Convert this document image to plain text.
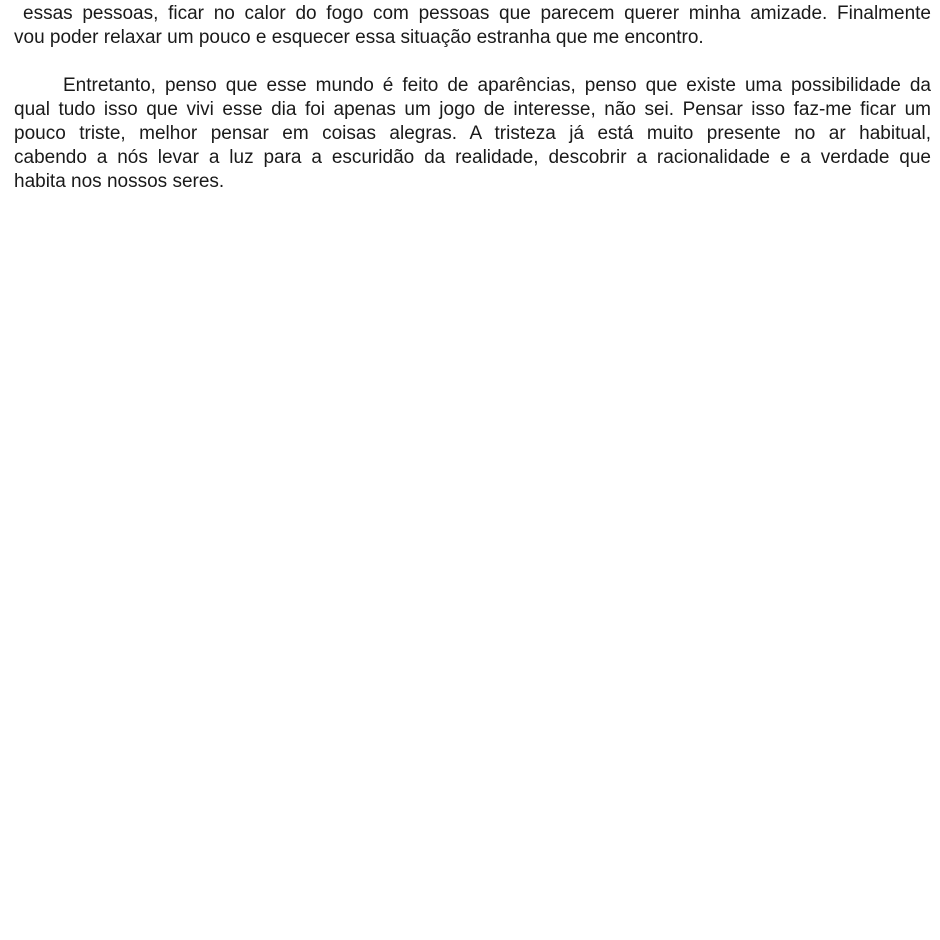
essas pessoas, ficar no calor do fogo com pessoas que parecem querer minha amizade. Finalmente
vou poder relaxar um pouco e esquecer essa situação estranha que me encontro.
Entretanto, penso que esse mundo é feito de aparências, penso que existe uma possibilidade da
qual tudo isso que vivi esse dia foi apenas um jogo de interesse, não sei. Pensar isso faz-me ficar um
pouco triste, melhor pensar em coisas alegras. A tristeza já está muito presente no ar habitual,
cabendo a nós levar a luz para a escuridão da realidade, descobrir a racionalidade e a verdade que
habita nos nossos seres.
